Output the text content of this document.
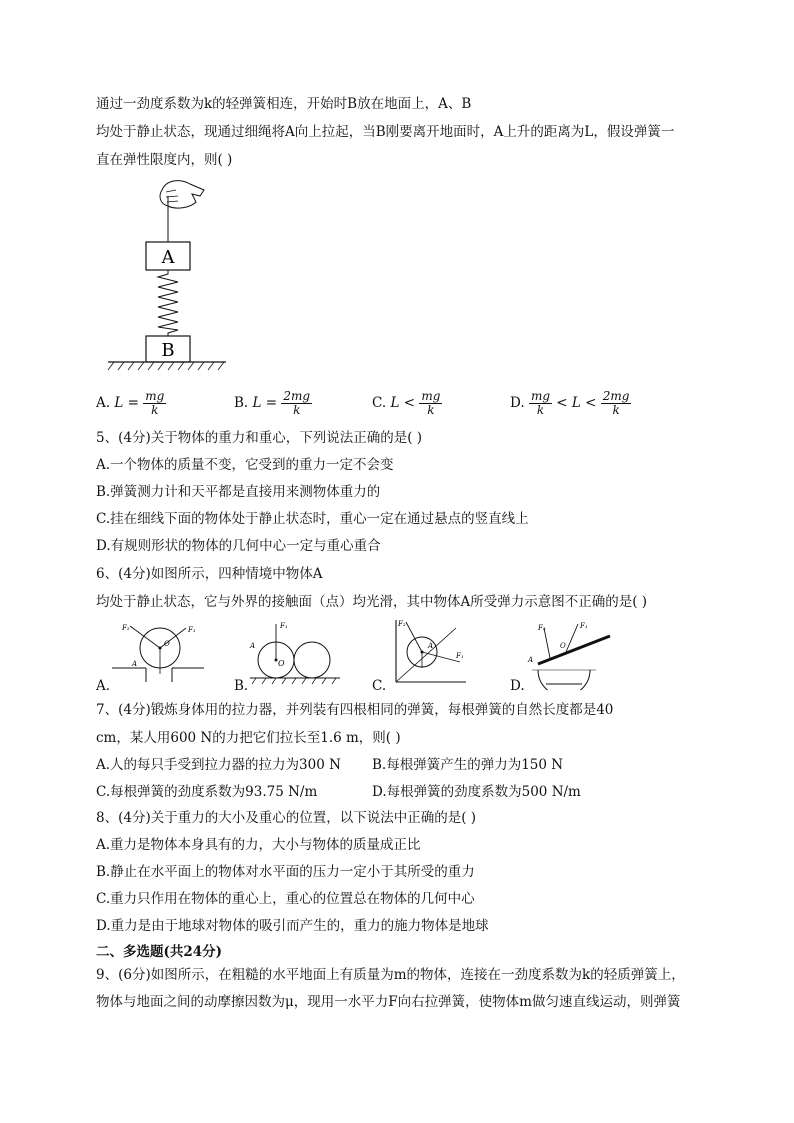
通过一劲度系数为k的轻弹簧相连，开始时B放在地面上，A、B
均处于静止状态，现通过细绳将A向上拉起，当B刚要离开地面时，A上升的距离为L，假设弹簧一
直在弹性限度内，则( )
A
B
A. $L = \frac{mg}{k}$	B. $L = \frac{2mg}{k}$	C. $L < \frac{mg}{k}$	D. $\frac{mg}{k} < L < \frac{2mg}{k}$
5、(4分)关于物体的重力和重心，下列说法正确的是( )
A.一个物体的质量不变，它受到的重力一定不会变
B.弹簧测力计和天平都是直接用来测物体重力的
C.挂在细线下面的物体处于静止状态时，重心一定在通过悬点的竖直线上
D.有规则形状的物体的几何中心一定与重心重合
6、(4分)如图所示，四种情境中物体A
均处于静止状态，它与外界的接触面（点）均光滑，其中物体A所受弹力示意图不正确的是( )
F₂	F₁
O
A
A.
F₁
A
O
B.
F₂
F₁
A
C.
F₂	F₁
O
A
D.
7、(4分)锻炼身体用的拉力器，并列装有四根相同的弹簧，每根弹簧的自然长度都是40
cm，某人用600 N的力把它们拉长至1.6 m，则( )
A.人的每只手受到拉力器的拉力为300 N B.每根弹簧产生的弹力为150 N
C.每根弹簧的劲度系数为93.75 N/m	D.每根弹簧的劲度系数为500 N/m
8、(4分)关于重力的大小及重心的位置，以下说法中正确的是( )
A.重力是物体本身具有的力，大小与物体的质量成正比
B.静止在水平面上的物体对水平面的压力一定小于其所受的重力
C.重力只作用在物体的重心上，重心的位置总在物体的几何中心
D.重力是由于地球对物体的吸引而产生的，重力的施力物体是地球
二、多选题(共24分)
9、(6分)如图所示，在粗糙的水平地面上有质量为m的物体，连接在一劲度系数为k的轻质弹簧上，
物体与地面之间的动摩擦因数为μ，现用一水平力F向右拉弹簧，使物体m做匀速直线运动，则弹簧
